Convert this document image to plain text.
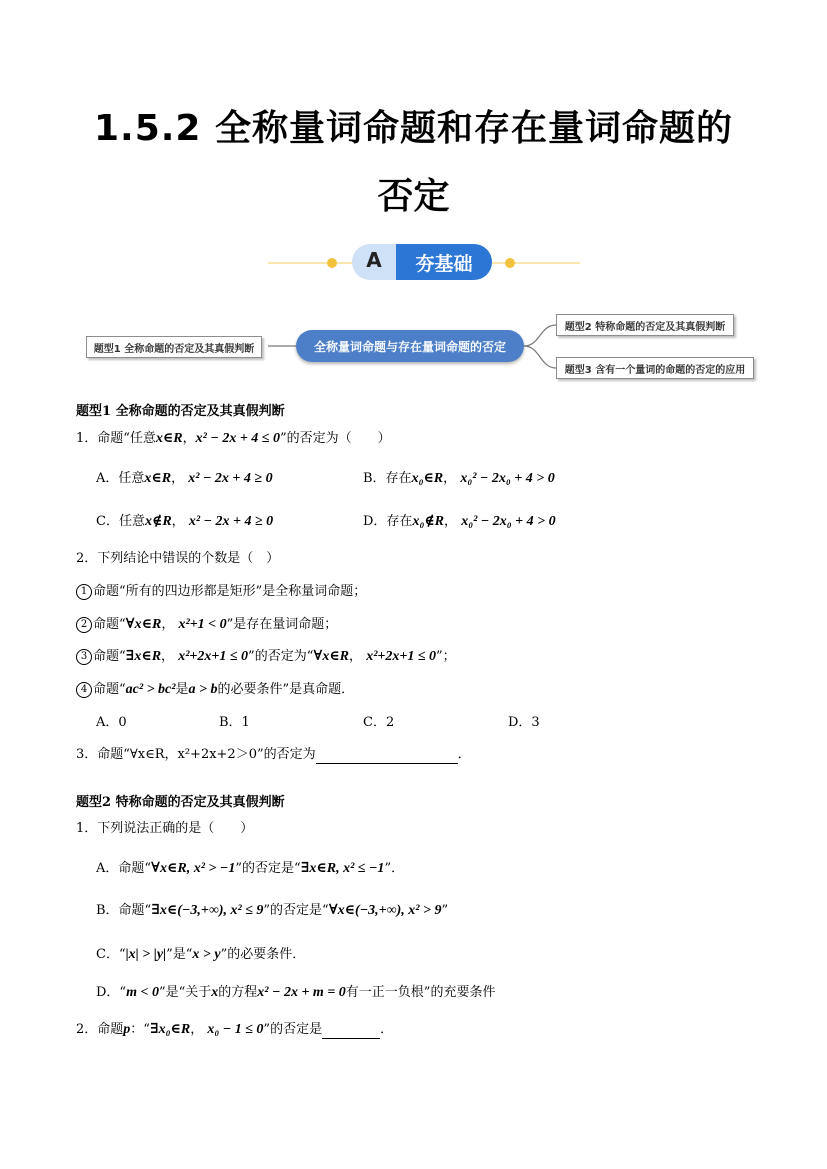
1.5.2 全称量词命题和存在量词命题的
否定
A	夯基础
题型1 全称命题的否定及其真假判断	全称量词命题与存在量词命题的否定
题型2 特称命题的否定及其真假判断
题型3 含有一个量词的命题的否定的应用
题型1 全称命题的否定及其真假判断
1．命题“任意x∈R，x² − 2x + 4 ≤ 0”的否定为（　　）
A．任意x∈R， x² − 2x + 4 ≥ 0	B．存在x₀∈R， x₀² − 2x₀ + 4 > 0
C．任意x∉R， x² − 2x + 4 ≥ 0	D．存在x₀∉R， x₀² − 2x₀ + 4 > 0
2．下列结论中错误的个数是（　）
1 命题“所有的四边形都是矩形”是全称量词命题；
2 命题“∀x∈R， x²+1 < 0”是存在量词命题；
3 命题“∃x∈R， x²+2x+1 ≤ 0”的否定为“∀x∈R， x²+2x+1 ≤ 0”；
4 命题“ac² > bc²是a > b的必要条件”是真命题．
A．0	B．1	C．2	D．3
3．命题“∀x∈R，x²+2x+2＞0”的否定为	．
题型2 特称命题的否定及其真假判断
1．下列说法正确的是（　　）
A．命题“∀x∈R, x² > −1”的否定是“∃x∈R, x² ≤ −1”．
B．命题“∃x∈(−3,+∞), x² ≤ 9”的否定是“∀x∈(−3,+∞), x² > 9”
C．“|x| > |y|”是“x > y”的必要条件．
D．“m < 0”是“关于x的方程x² − 2x + m = 0有一正一负根”的充要条件
2．命题p：“∃x₀∈R， x₀ − 1 ≤ 0”的否定是	．
